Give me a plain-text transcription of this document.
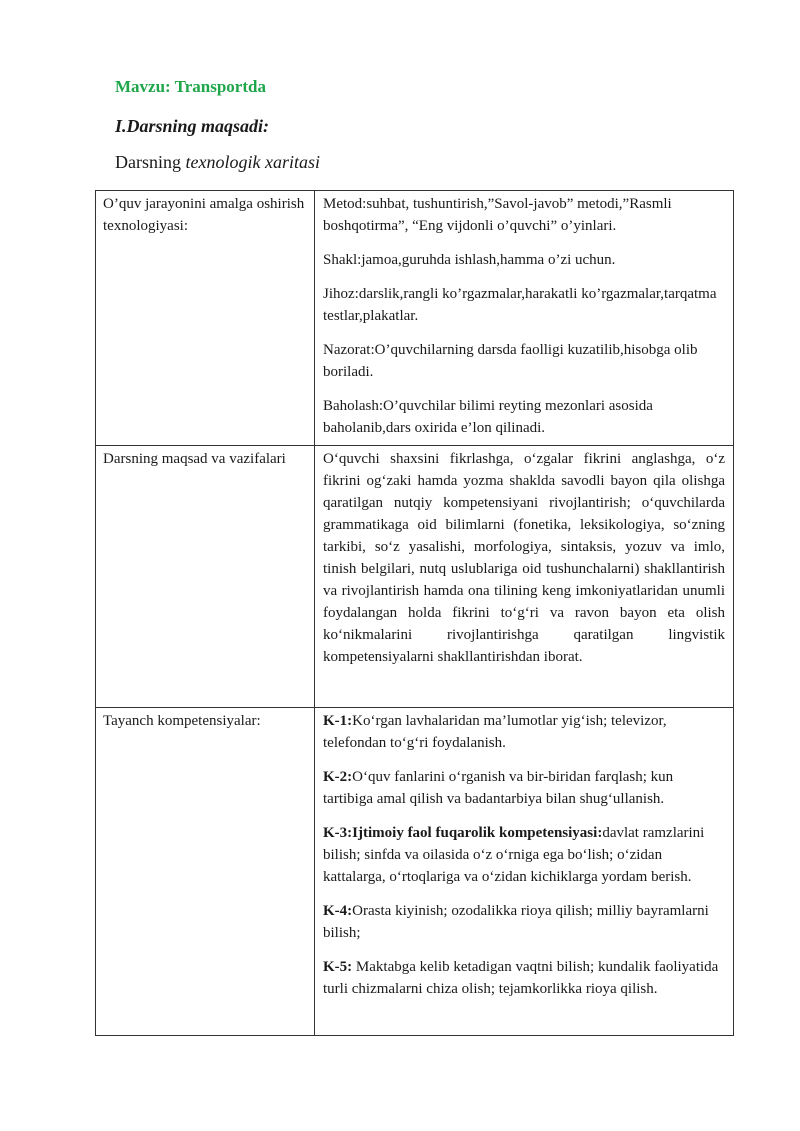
Mavzu: Transportda
I.Darsning maqsadi:
Darsning texnologik xaritasi
O’quv jarayonini amalga oshirish texnologiyasi:	Metod:suhbat, tushuntirish,”Savol-javob” metodi,”Rasmli boshqotirma”, “Eng vijdonli o’quvchi” o’yinlari.

Shakl:jamoa,guruhda ishlash,hamma o’zi uchun.

Jihoz:darslik,rangli ko’rgazmalar,harakatli ko’rgazmalar,tarqatma testlar,plakatlar.

Nazorat:O’quvchilarning darsda faolligi kuzatilib,hisobga olib boriladi.

Baholash:O’quvchilar bilimi reyting mezonlari asosida baholanib,dars oxirida e’lon qilinadi.

Darsning maqsad va vazifalari	O‘quvchi shaxsini fikrlashga, o‘zgalar fikrini anglashga, o‘z fikrini og‘zaki hamda yozma shaklda savodli bayon qila olishga qaratilgan nutqiy kompetensiyani rivojlantirish; o‘quvchilarda grammatikaga oid bilimlarni (fonetika, leksikologiya, so‘zning tarkibi, so‘z yasalishi, morfologiya, sintaksis, yozuv va imlo, tinish belgilari, nutq uslublariga oid tushunchalarni) shakllantirish va rivojlantirish hamda ona tilining keng imkoniyatlaridan unumli foydalangan holda fikrini to‘g‘ri va ravon bayon eta olish ko‘nikmalarini rivojlantirishga qaratilgan lingvistik kompetensiyalarni shakllantirishdan iborat.

Tayanch kompetensiyalar:	K-1:Ko‘rgan lavhalaridan ma’lumotlar yig‘ish; televizor, telefondan to‘g‘ri foydalanish.

K-2:O‘quv fanlarini o‘rganish va bir-biridan farqlash; kun tartibiga amal qilish va badantarbiya bilan shug‘ullanish.

K-3:Ijtimoiy faol fuqarolik kompetensiyasi:davlat ramzlarini bilish; sinfda va oilasida o‘z o‘rniga ega bo‘lish; o‘zidan kattalarga, o‘rtoqlariga va o‘zidan kichiklarga yordam berish.

K-4:Orasta kiyinish; ozodalikka rioya qilish; milliy bayramlarni bilish;

K-5: Maktabga kelib ketadigan vaqtni bilish; kundalik faoliyatida turli chizmalarni chiza olish; tejamkorlikka rioya qilish.
